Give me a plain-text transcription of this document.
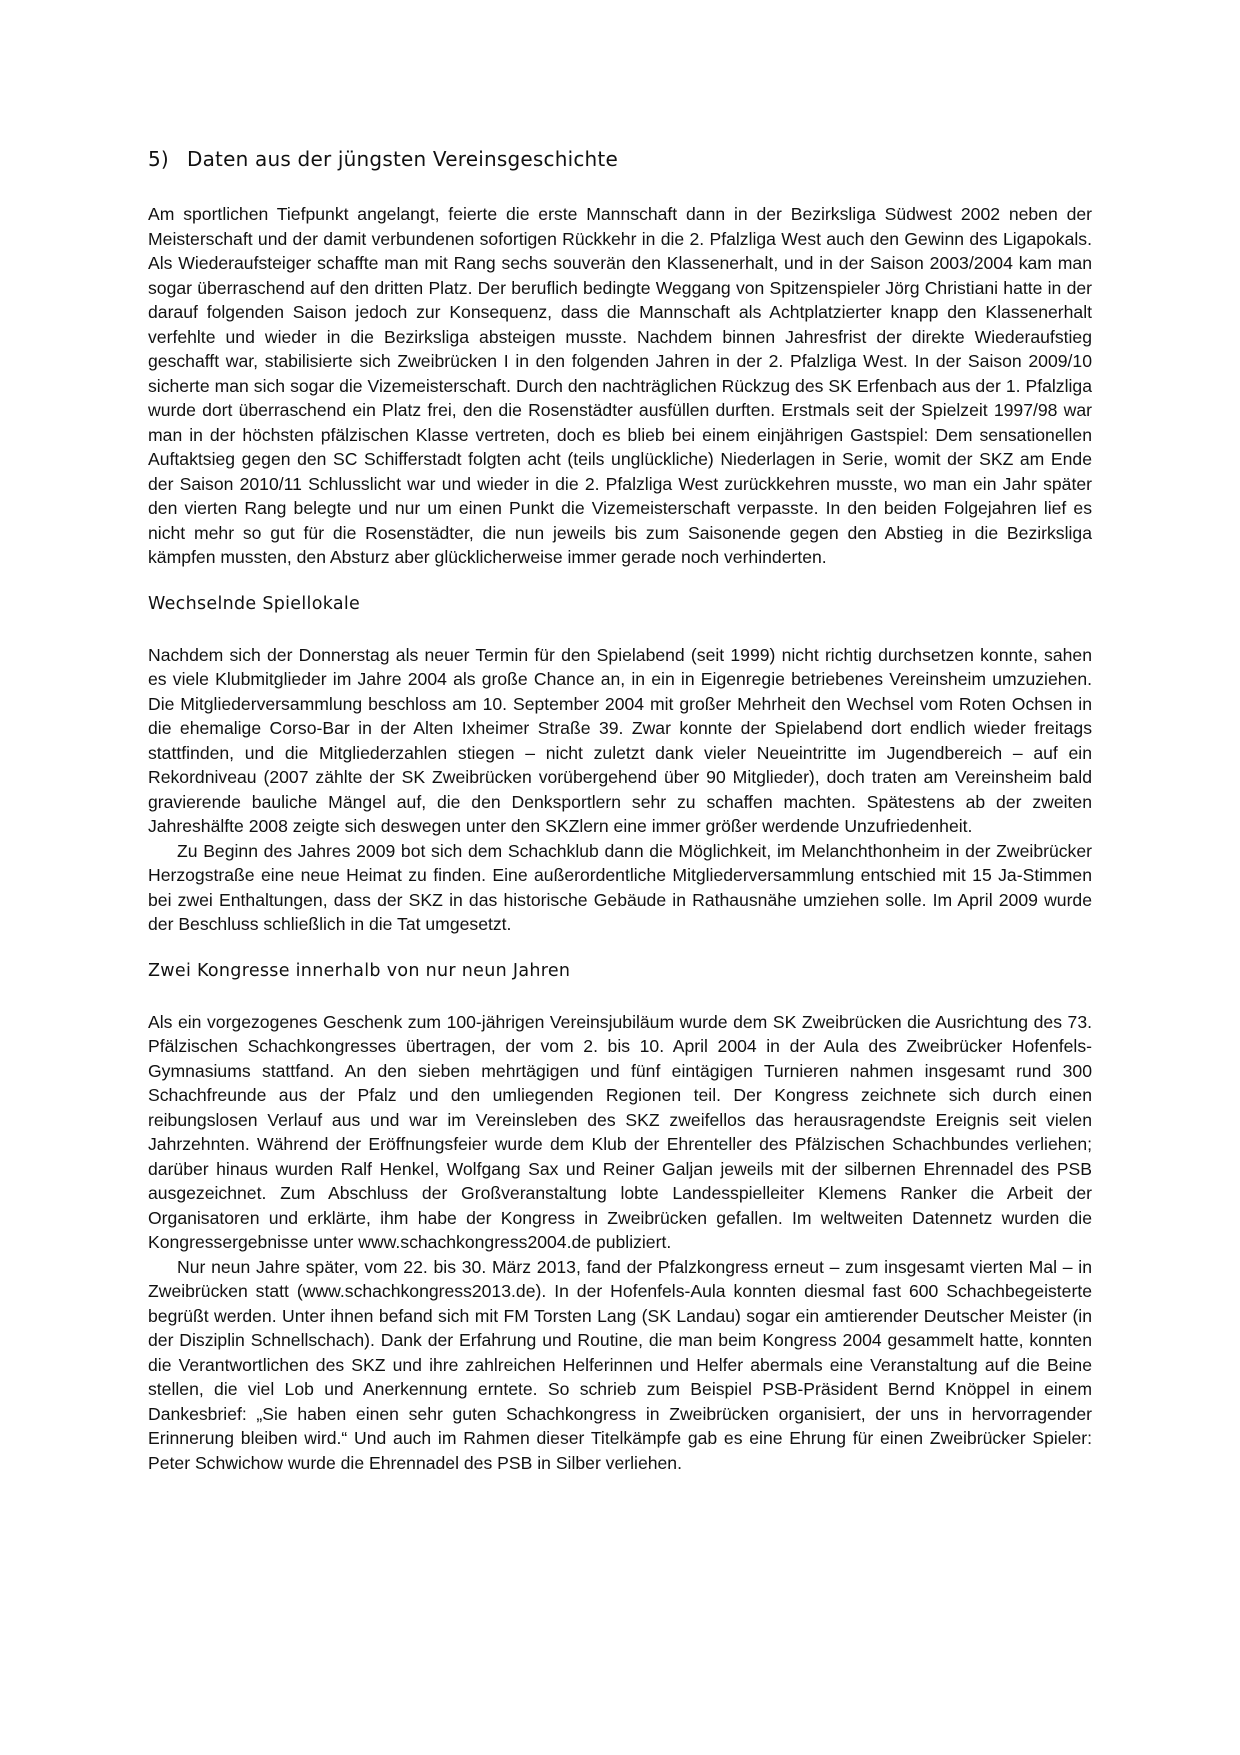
5) Daten aus der jüngsten Vereinsgeschichte

Am sportlichen Tiefpunkt angelangt, feierte die erste Mannschaft dann in der Bezirksliga Südwest 2002 neben der Meisterschaft und der damit verbundenen sofortigen Rückkehr in die 2. Pfalzliga West auch den Gewinn des Ligapokals. Als Wiederaufsteiger schaffte man mit Rang sechs souverän den Klassenerhalt, und in der Saison 2003/2004 kam man sogar überraschend auf den dritten Platz. Der beruflich bedingte Weggang von Spitzenspieler Jörg Christiani hatte in der darauf folgenden Saison jedoch zur Konsequenz, dass die Mannschaft als Achtplatzierter knapp den Klassenerhalt verfehlte und wieder in die Bezirksliga absteigen musste. Nachdem binnen Jahresfrist der direkte Wiederaufstieg geschafft war, stabilisierte sich Zweibrücken I in den folgenden Jahren in der 2. Pfalzliga West. In der Saison 2009/10 sicherte man sich sogar die Vizemeisterschaft. Durch den nachträglichen Rückzug des SK Erfenbach aus der 1. Pfalzliga wurde dort überraschend ein Platz frei, den die Rosenstädter ausfüllen durften. Erstmals seit der Spielzeit 1997/98 war man in der höchsten pfälzischen Klasse vertreten, doch es blieb bei einem einjährigen Gastspiel: Dem sensationellen Auftaktsieg gegen den SC Schifferstadt folgten acht (teils unglückliche) Niederlagen in Serie, womit der SKZ am Ende der Saison 2010/11 Schlusslicht war und wieder in die 2. Pfalzliga West zurückkehren musste, wo man ein Jahr später den vierten Rang belegte und nur um einen Punkt die Vizemeisterschaft verpasste. In den beiden Folgejahren lief es nicht mehr so gut für die Rosenstädter, die nun jeweils bis zum Saisonende gegen den Abstieg in die Bezirksliga kämpfen mussten, den Absturz aber glücklicherweise immer gerade noch verhinderten.

Wechselnde Spiellokale

Nachdem sich der Donnerstag als neuer Termin für den Spielabend (seit 1999) nicht richtig durchsetzen konnte, sahen es viele Klubmitglieder im Jahre 2004 als große Chance an, in ein in Eigenregie betriebenes Vereinsheim umzuziehen. Die Mitgliederversammlung beschloss am 10. September 2004 mit großer Mehrheit den Wechsel vom Roten Ochsen in die ehemalige Corso-Bar in der Alten Ixheimer Straße 39. Zwar konnte der Spielabend dort endlich wieder freitags stattfinden, und die Mitgliederzahlen stiegen – nicht zuletzt dank vieler Neueintritte im Jugendbereich – auf ein Rekordniveau (2007 zählte der SK Zweibrücken vorübergehend über 90 Mitglieder), doch traten am Vereinsheim bald gravierende bauliche Mängel auf, die den Denksportlern sehr zu schaffen machten. Spätestens ab der zweiten Jahreshälfte 2008 zeigte sich deswegen unter den SKZlern eine immer größer werdende Unzufriedenheit.

Zu Beginn des Jahres 2009 bot sich dem Schachklub dann die Möglichkeit, im Melanchthonheim in der Zweibrücker Herzogstraße eine neue Heimat zu finden. Eine außerordentliche Mitgliederversammlung entschied mit 15 Ja-Stimmen bei zwei Enthaltungen, dass der SKZ in das historische Gebäude in Rathausnähe umziehen solle. Im April 2009 wurde der Beschluss schließlich in die Tat umgesetzt.

Zwei Kongresse innerhalb von nur neun Jahren

Als ein vorgezogenes Geschenk zum 100-jährigen Vereinsjubiläum wurde dem SK Zweibrücken die Ausrichtung des 73. Pfälzischen Schachkongresses übertragen, der vom 2. bis 10. April 2004 in der Aula des Zweibrücker Hofenfels-Gymnasiums stattfand. An den sieben mehrtägigen und fünf eintägigen Turnieren nahmen insgesamt rund 300 Schachfreunde aus der Pfalz und den umliegenden Regionen teil. Der Kongress zeichnete sich durch einen reibungslosen Verlauf aus und war im Vereinsleben des SKZ zweifellos das herausragendste Ereignis seit vielen Jahrzehnten. Während der Eröffnungsfeier wurde dem Klub der Ehrenteller des Pfälzischen Schachbundes verliehen; darüber hinaus wurden Ralf Henkel, Wolfgang Sax und Reiner Galjan jeweils mit der silbernen Ehrennadel des PSB ausgezeichnet. Zum Abschluss der Großveranstaltung lobte Landesspielleiter Klemens Ranker die Arbeit der Organisatoren und erklärte, ihm habe der Kongress in Zweibrücken gefallen. Im weltweiten Datennetz wurden die Kongressergebnisse unter www.schachkongress2004.de publiziert.

Nur neun Jahre später, vom 22. bis 30. März 2013, fand der Pfalzkongress erneut – zum insgesamt vierten Mal – in Zweibrücken statt (www.schachkongress2013.de). In der Hofenfels-Aula konnten diesmal fast 600 Schachbegeisterte begrüßt werden. Unter ihnen befand sich mit FM Torsten Lang (SK Landau) sogar ein amtierender Deutscher Meister (in der Disziplin Schnellschach). Dank der Erfahrung und Routine, die man beim Kongress 2004 gesammelt hatte, konnten die Verantwortlichen des SKZ und ihre zahlreichen Helferinnen und Helfer abermals eine Veranstaltung auf die Beine stellen, die viel Lob und Anerkennung erntete. So schrieb zum Beispiel PSB-Präsident Bernd Knöppel in einem Dankesbrief: „Sie haben einen sehr guten Schachkongress in Zweibrücken organisiert, der uns in hervorragender Erinnerung bleiben wird.“ Und auch im Rahmen dieser Titelkämpfe gab es eine Ehrung für einen Zweibrücker Spieler: Peter Schwichow wurde die Ehrennadel des PSB in Silber verliehen.
